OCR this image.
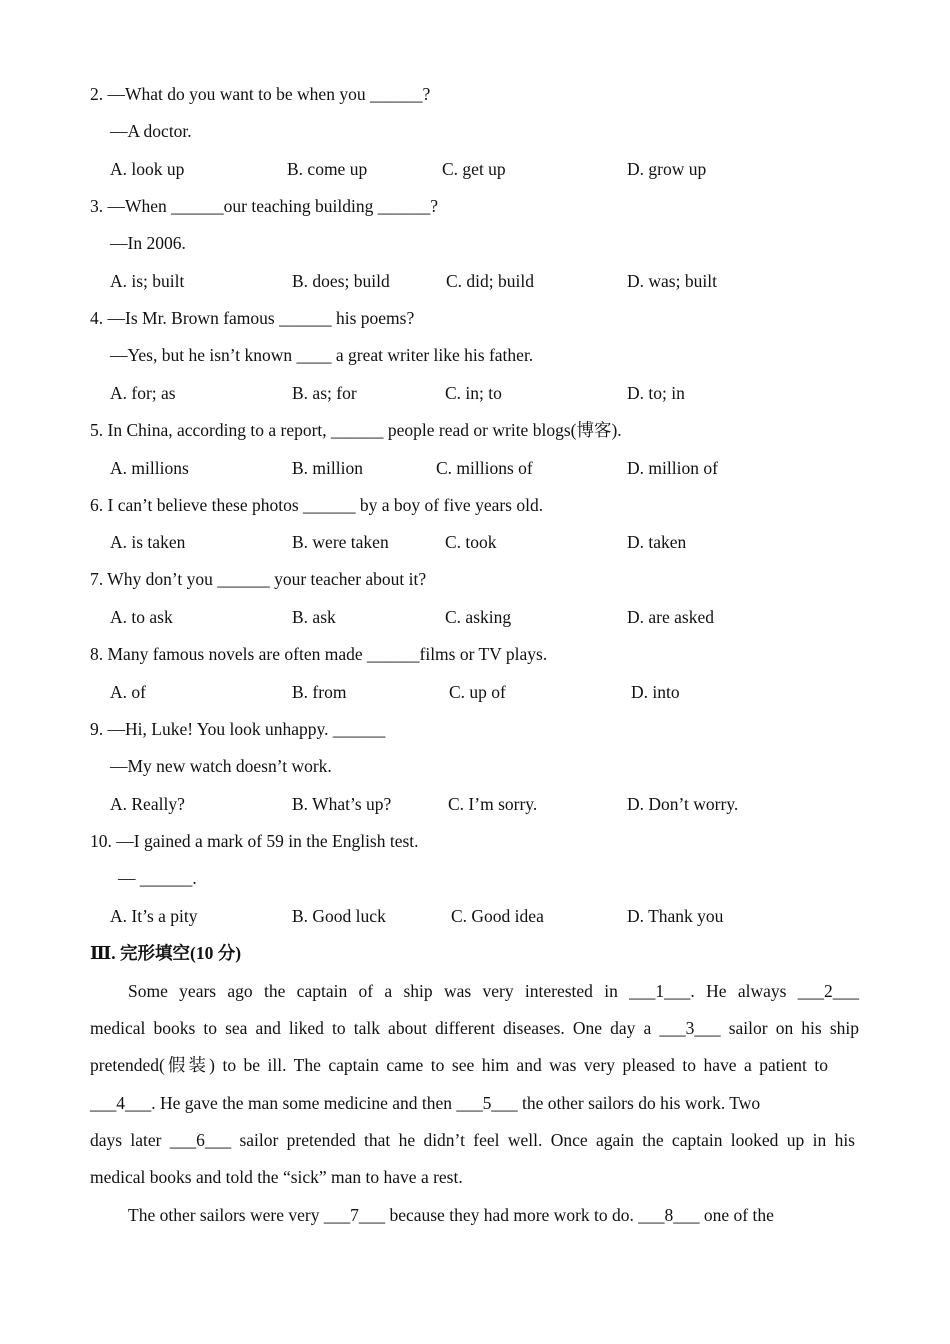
2. —What do you want to be when you ______?
—A doctor.
A. look up	B. come up	C. get up	D. grow up
3. —When ______our teaching building ______?
—In 2006.
A. is; built	B. does; build	C. did; build	D. was; built
4. —Is Mr. Brown famous ______ his poems?
—Yes, but he isn’t known ____ a great writer like his father.
A. for; as	B. as; for	C. in; to	D. to; in
5. In China, according to a report, ______ people read or write blogs(博客).
A. millions	B. million	C. millions of	D. million of
6. I can’t believe these photos ______ by a boy of five years old.
A. is taken	B. were taken	C. took	D. taken
7. Why don’t you ______ your teacher about it?
A. to ask	B. ask	C. asking	D. are asked
8. Many famous novels are often made ______films or TV plays.
A. of	B. from	C. up of	D. into
9. —Hi, Luke! You look unhappy. ______
—My new watch doesn’t work.
A. Really?	B. What’s up?	C. I’m sorry.	D. Don’t worry.
10. —I gained a mark of 59 in the English test.
— ______.
A. It’s a pity	B. Good luck	C. Good idea	D. Thank you
Ⅲ. 完形填空(10 分)
Some years ago the captain of a ship was very interested in ___1___. He always ___2___
medical books to sea and liked to talk about different diseases. One day a ___3___ sailor on his ship
pretended(假装) to be ill. The captain came to see him and was very pleased to have a patient to
___4___. He gave the man some medicine and then ___5___ the other sailors do his work. Two
days later ___6___ sailor pretended that he didn’t feel well. Once again the captain looked up in his
medical books and told the “sick” man to have a rest.
The other sailors were very ___7___ because they had more work to do. ___8___ one of the
